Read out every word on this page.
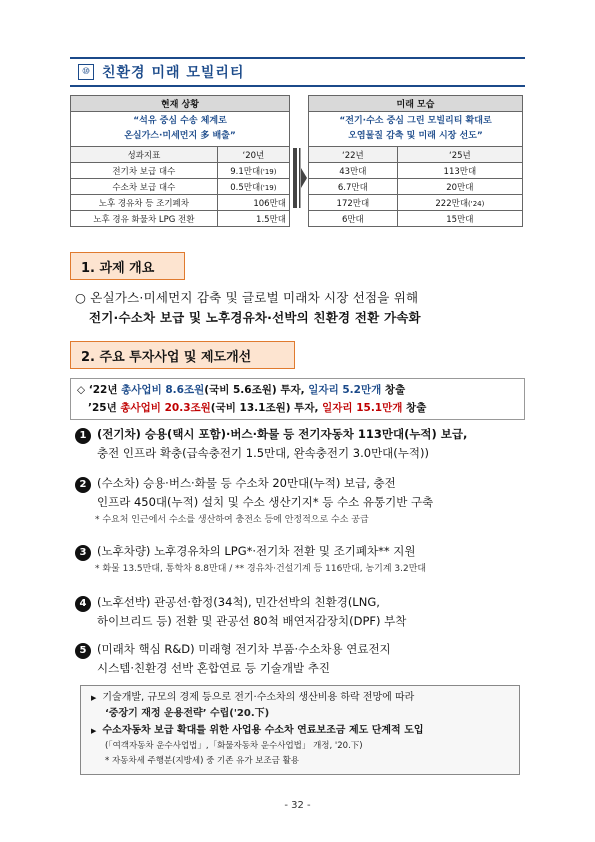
⑩ 친환경 미래 모빌리티
현재 상황	

“석유 중심 수송 체계로
온실가스·미세먼지 多 배출”	

성과지표	‘20년
전기차 보급 대수	9.1만대('19)
수소차 보급 대수	0.5만대('19)
노후 경유차 등 조기폐차	106만대
노후 경유 화물차 LPG 전환	1.5만대
미래 모습	

“전기·수소 중심 그린 모빌리티 확대로
오염물질 감축 및 미래 시장 선도”	

‘22년	‘25년
43만대	113만대
6.7만대	20만대
172만대	222만대('24)
6만대	15만대
1. 과제 개요
○ 온실가스·미세먼지 감축 및 글로벌 미래차 시장 선점을 위해
전기·수소차 보급 및 노후경유차·선박의 친환경 전환 가속화
2. 주요 투자사업 및 제도개선
◇ ‘22년 총사업비 8.6조원(국비 5.6조원) 투자, 일자리 5.2만개 창출
’25년 총사업비 20.3조원(국비 13.1조원) 투자, 일자리 15.1만개 창출
1 (전기차) 승용(택시 포함)·버스·화물 등 전기자동차 113만대(누적) 보급,
충전 인프라 확충(급속충전기 1.5만대, 완속충전기 3.0만대(누적))
2 (수소차) 승용·버스·화물 등 수소차 20만대(누적) 보급, 충전
인프라 450대(누적) 설치 및 수소 생산기지* 등 수소 유통기반 구축
* 수요처 인근에서 수소를 생산하여 충전소 등에 안정적으로 수소 공급
3 (노후차량) 노후경유차의 LPG*·전기차 전환 및 조기폐차** 지원
* 화물 13.5만대, 통학차 8.8만대 / ** 경유차·건설기계 등 116만대, 농기계 3.2만대
4 (노후선박) 관공선·함정(34척), 민간선박의 친환경(LNG,
하이브리드 등) 전환 및 관공선 80척 배연저감장치(DPF) 부착
5 (미래차 핵심 R&D) 미래형 전기차 부품·수소차용 연료전지
시스템·친환경 선박 혼합연료 등 기술개발 추진
▶ 기술개발, 규모의 경제 등으로 전기·수소차의 생산비용 하락 전망에 따라
‘중장기 재정 운용전략’ 수립('20.下)
▶ 수소자동차 보급 확대를 위한 사업용 수소차 연료보조금 제도 단계적 도입
(「여객자동차 운수사업법」,「화물자동차 운수사업법」 개정, '20.下)
* 자동차세 주행분(지방세) 중 기존 유가 보조금 활용
- 32 -
